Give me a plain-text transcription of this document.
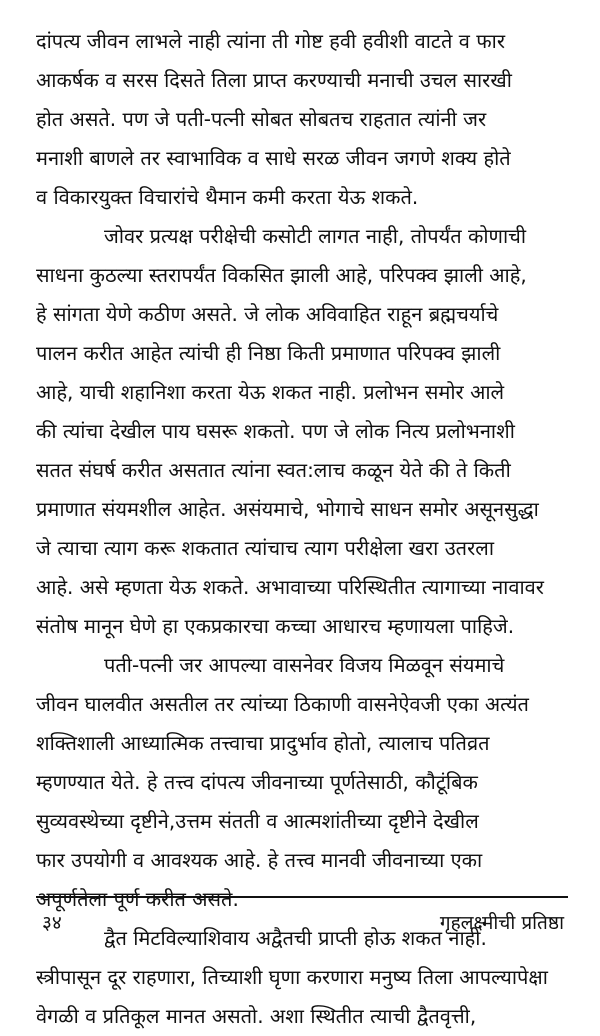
दांपत्य जीवन लाभले नाही त्यांना ती गोष्ट हवी हवीशी वाटते व फार
आकर्षक व सरस दिसते तिला प्राप्त करण्याची मनाची उचल सारखी
होत असते. पण जे पती-पत्नी सोबत सोबतच राहतात त्यांनी जर
मनाशी बाणले तर स्वाभाविक व साधे सरळ जीवन जगणे शक्य होते
व विकारयुक्त विचारांचे थैमान कमी करता येऊ शकते.

जोवर प्रत्यक्ष परीक्षेची कसोटी लागत नाही, तोपर्यंत कोणाची
साधना कुठल्या स्तरापर्यंत विकसित झाली आहे, परिपक्व झाली आहे,
हे सांगता येणे कठीण असते. जे लोक अविवाहित राहून ब्रह्मचर्याचे
पालन करीत आहेत त्यांची ही निष्ठा किती प्रमाणात परिपक्व झाली
आहे, याची शहानिशा करता येऊ शकत नाही. प्रलोभन समोर आले
की त्यांचा देखील पाय घसरू शकतो. पण जे लोक नित्य प्रलोभनाशी
सतत संघर्ष करीत असतात त्यांना स्वत:लाच कळून येते की ते किती
प्रमाणात संयमशील आहेत. असंयमाचे, भोगाचे साधन समोर असूनसुद्धा
जे त्याचा त्याग करू शकतात त्यांचाच त्याग परीक्षेला खरा उतरला
आहे. असे म्हणता येऊ शकते. अभावाच्या परिस्थितीत त्यागाच्या नावावर
संतोष मानून घेणे हा एकप्रकारचा कच्चा आधारच म्हणायला पाहिजे.

पती-पत्नी जर आपल्या वासनेवर विजय मिळवून संयमाचे
जीवन घालवीत असतील तर त्यांच्या ठिकाणी वासनेऐवजी एका अत्यंत
शक्तिशाली आध्यात्मिक तत्त्वाचा प्रादुर्भाव होतो, त्यालाच पतिव्रत
म्हणण्यात येते. हे तत्त्व दांपत्य जीवनाच्या पूर्णतेसाठी, कौटूंबिक
सुव्यवस्थेच्या दृष्टीने,उत्तम संतती व आत्मशांतीच्या दृष्टीने देखील
फार उपयोगी व आवश्यक आहे. हे तत्त्व मानवी जीवनाच्या एका
अपूर्णतेला पूर्ण करीत असते.

द्वैत मिटविल्याशिवाय अद्वैतची प्राप्ती होऊ शकत नाही.
स्त्रीपासून दूर राहणारा, तिच्याशी घृणा करणारा मनुष्य तिला आपल्यापेक्षा
वेगळी व प्रतिकूल मानत असतो. अशा स्थितीत त्याची द्वैतवृत्ती,

३४	गृहलक्ष्मीची प्रतिष्ठा
